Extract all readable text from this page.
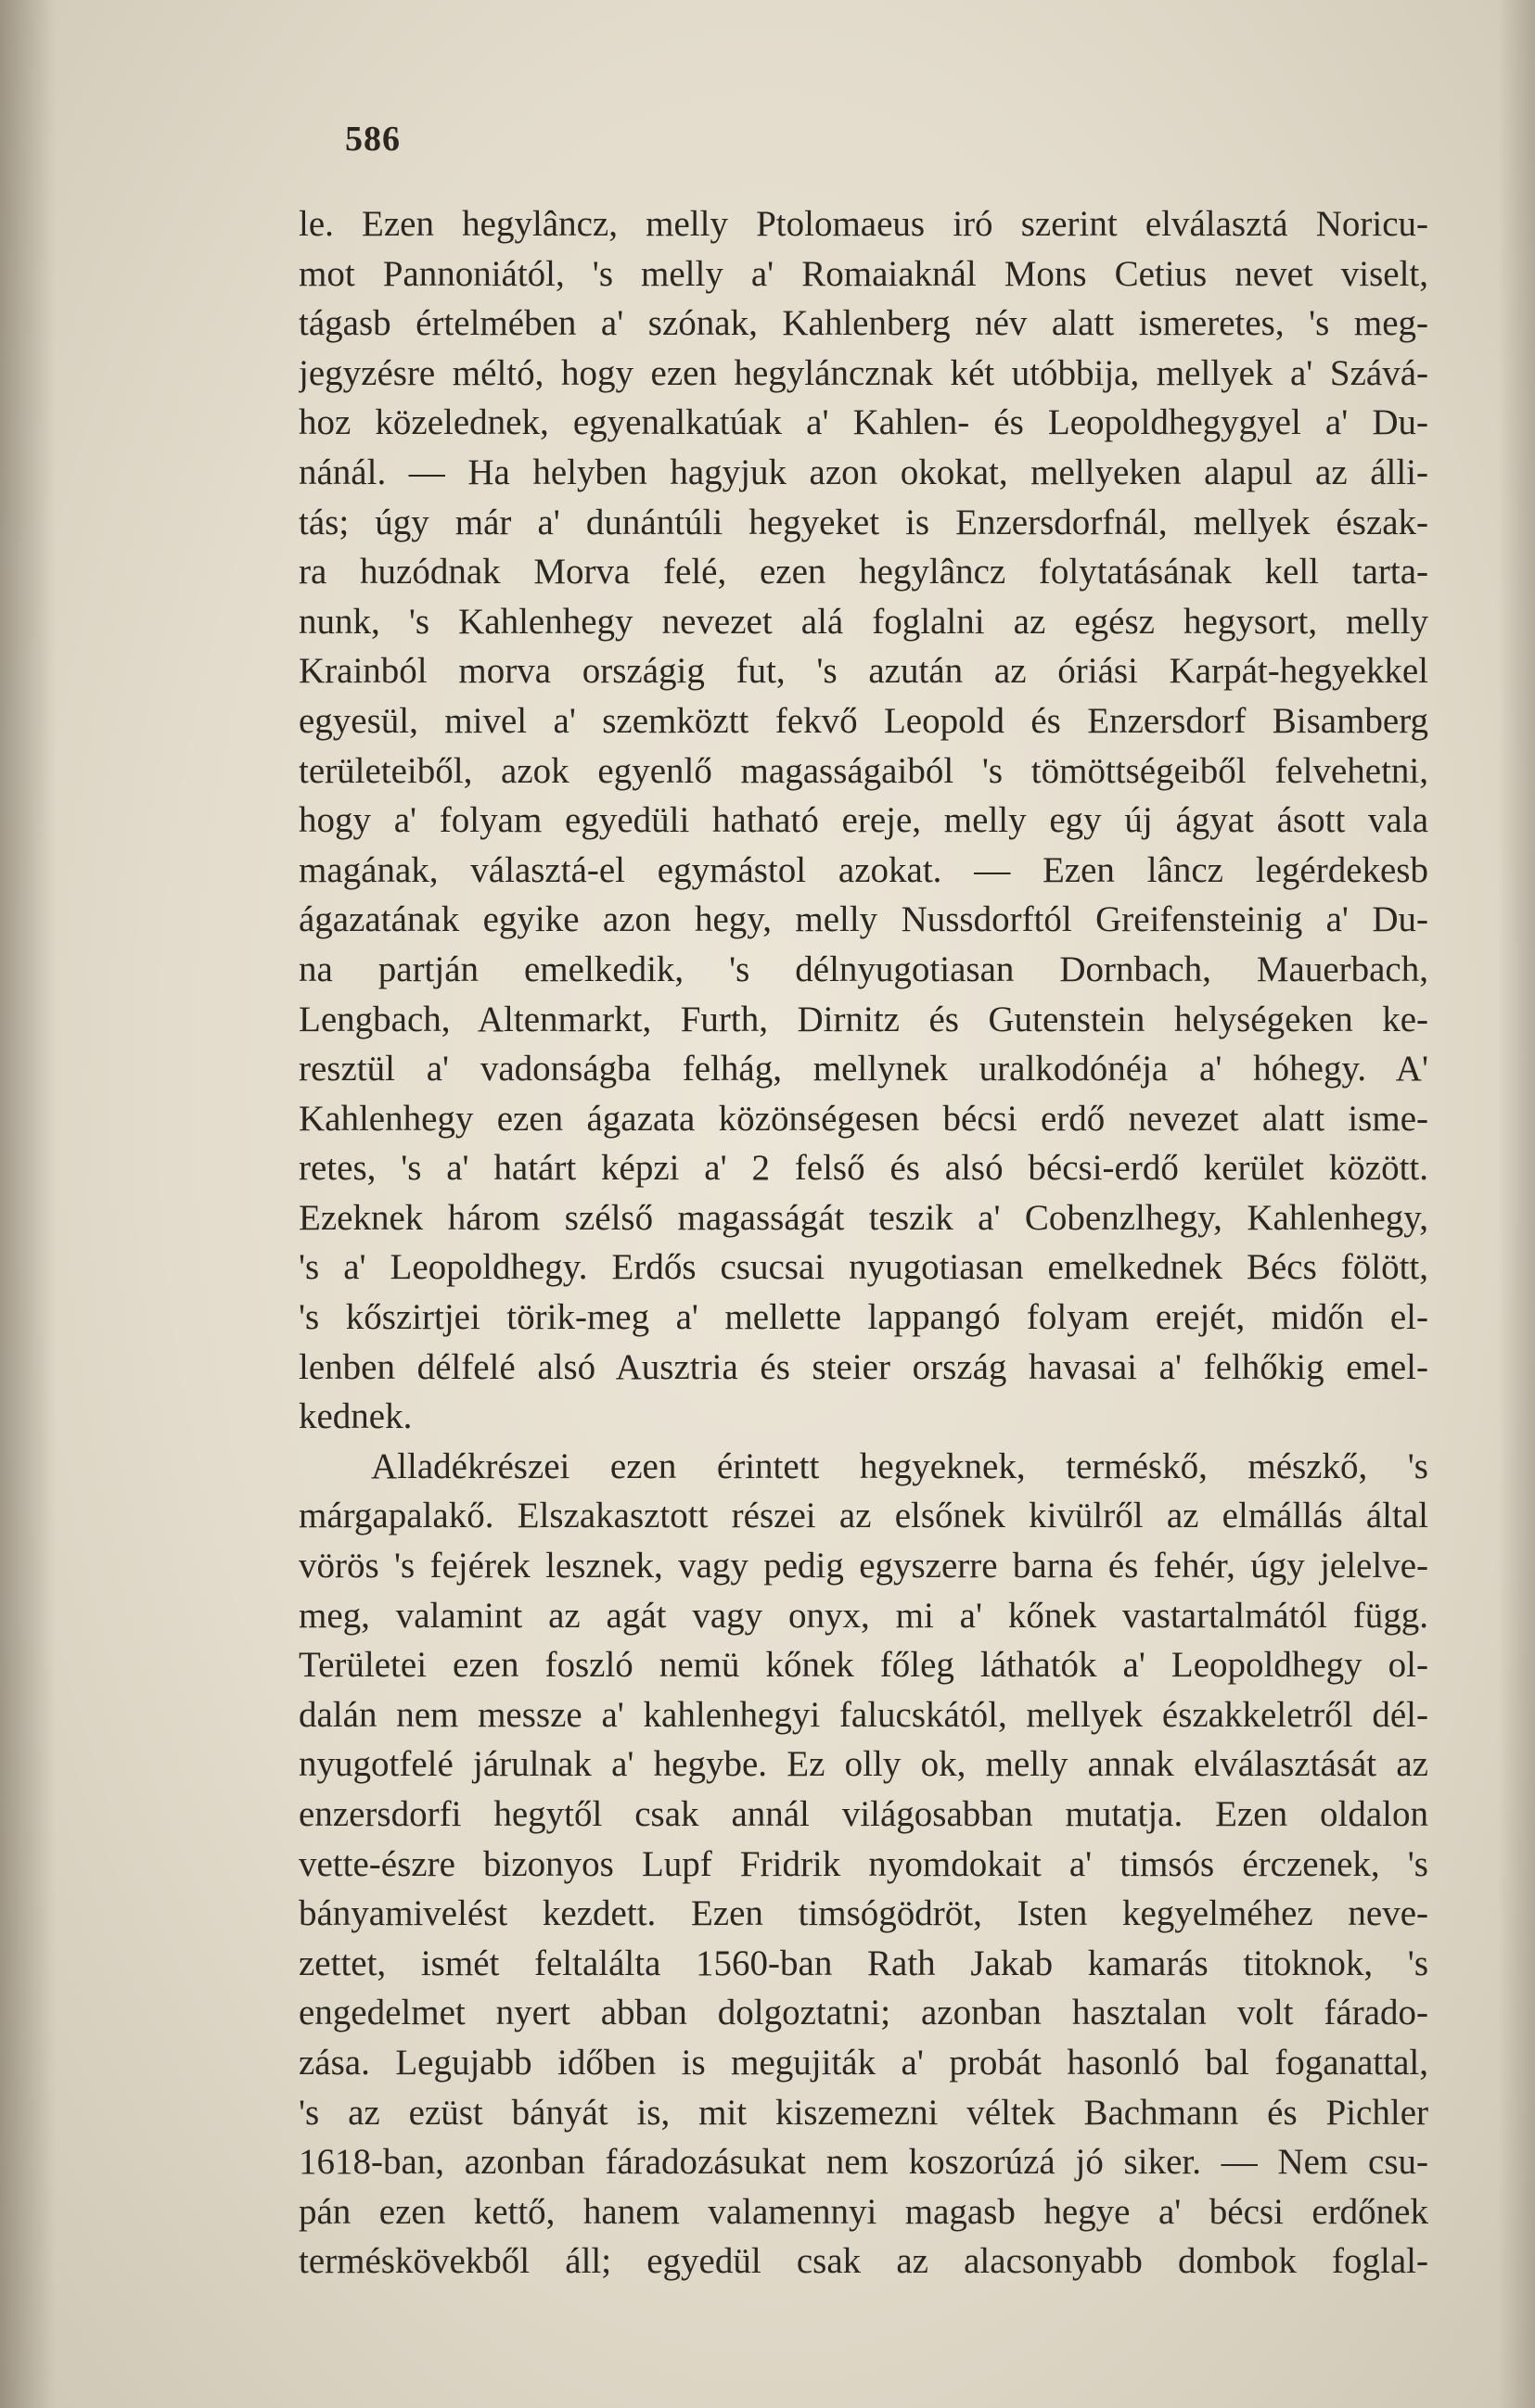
586
le. Ezen hegylâncz, melly Ptolomaeus iró szerint elválasztá Noricu-
mot Pannoniától, 's melly a' Romaiaknál Mons Cetius nevet viselt,
tágasb értelmében a' szónak, Kahlenberg név alatt ismeretes, 's meg-
jegyzésre méltó, hogy ezen hegyláncznak két utóbbija, mellyek a' Szává-
hoz közelednek, egyenalkatúak a' Kahlen- és Leopoldhegygyel a' Du-
nánál. — Ha helyben hagyjuk azon okokat, mellyeken alapul az álli-
tás; úgy már a' dunántúli hegyeket is Enzersdorfnál, mellyek észak-
ra huzódnak Morva felé, ezen hegylâncz folytatásának kell tarta-
nunk, 's Kahlenhegy nevezet alá foglalni az egész hegysort, melly
Krainból morva országig fut, 's azután az óriási Karpát-hegyekkel
egyesül, mivel a' szemköztt fekvő Leopold és Enzersdorf Bisamberg
területeiből, azok egyenlő magasságaiból 's tömöttségeiből felvehetni,
hogy a' folyam egyedüli hatható ereje, melly egy új ágyat ásott vala
magának, választá-el egymástol azokat. — Ezen lâncz legérdekesb
ágazatának egyike azon hegy, melly Nussdorftól Greifensteinig a' Du-
na partján emelkedik, 's délnyugotiasan Dornbach, Mauerbach,
Lengbach, Altenmarkt, Furth, Dirnitz és Gutenstein helységeken ke-
resztül a' vadonságba felhág, mellynek uralkodónéja a' hóhegy. A'
Kahlenhegy ezen ágazata közönségesen bécsi erdő nevezet alatt isme-
retes, 's a' határt képzi a' 2 felső és alsó bécsi-erdő kerület között.
Ezeknek három szélső magasságát teszik a' Cobenzlhegy, Kahlenhegy,
's a' Leopoldhegy. Erdős csucsai nyugotiasan emelkednek Bécs fölött,
's kőszirtjei törik-meg a' mellette lappangó folyam erejét, midőn el-
lenben délfelé alsó Ausztria és steier ország havasai a' felhőkig emel-
kednek.
Alladékrészei ezen érintett hegyeknek, terméskő, mészkő, 's
márgapalakő. Elszakasztott részei az elsőnek kivülről az elmállás által
vörös 's fejérek lesznek, vagy pedig egyszerre barna és fehér, úgy jelelve-
meg, valamint az agát vagy onyx, mi a' kőnek vastartalmától függ.
Területei ezen foszló nemü kőnek főleg láthatók a' Leopoldhegy ol-
dalán nem messze a' kahlenhegyi falucskától, mellyek északkeletről dél-
nyugotfelé járulnak a' hegybe. Ez olly ok, melly annak elválasztását az
enzersdorfi hegytől csak annál világosabban mutatja. Ezen oldalon
vette-észre bizonyos Lupf Fridrik nyomdokait a' timsós érczenek, 's
bányamivelést kezdett. Ezen timsógödröt, Isten kegyelméhez neve-
zettet, ismét feltalálta 1560-ban Rath Jakab kamarás titoknok, 's
engedelmet nyert abban dolgoztatni; azonban hasztalan volt fárado-
zása. Legujabb időben is megujiták a' probát hasonló bal foganattal,
's az ezüst bányát is, mit kiszemezni véltek Bachmann és Pichler
1618-ban, azonban fáradozásukat nem koszorúzá jó siker. — Nem csu-
pán ezen kettő, hanem valamennyi magasb hegye a' bécsi erdőnek
terméskövekből áll; egyedül csak az alacsonyabb dombok foglal-
